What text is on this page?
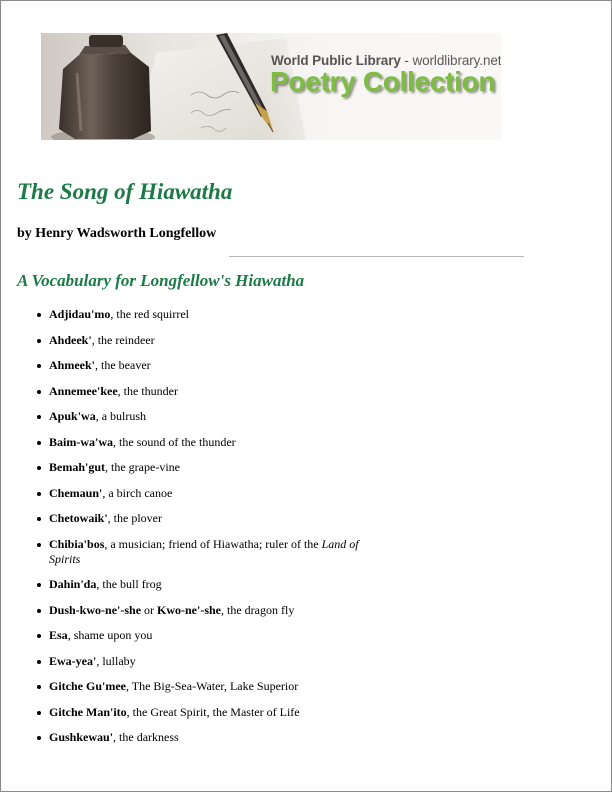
World Public Library - worldlibrary.net
Poetry Collection
The Song of Hiawatha

by Henry Wadsworth Longfellow

A Vocabulary for Longfellow's Hiawatha
Adjidau'mo, the red squirrel
Ahdeek', the reindeer
Ahmeek', the beaver
Annemee'kee, the thunder
Apuk'wa, a bulrush
Baim-wa'wa, the sound of the thunder
Bemah'gut, the grape-vine
Chemaun', a birch canoe
Chetowaik', the plover
Chibia'bos, a musician; friend of Hiawatha; ruler of the Land of Spirits
Dahin'da, the bull frog
Dush-kwo-ne'-she or Kwo-ne'-she, the dragon fly
Esa, shame upon you
Ewa-yea', lullaby
Gitche Gu'mee, The Big-Sea-Water, Lake Superior
Gitche Man'ito, the Great Spirit, the Master of Life
Gushkewau', the darkness
